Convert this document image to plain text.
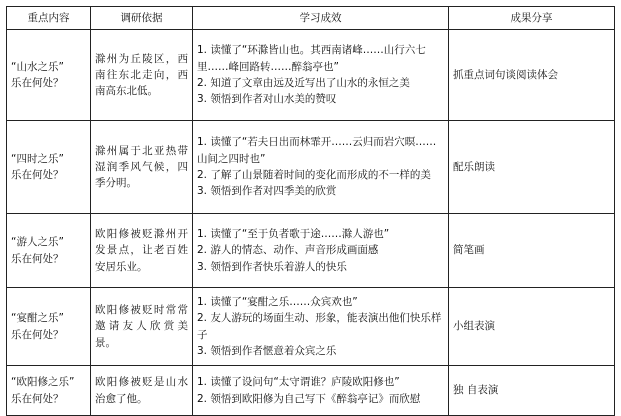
重点内容	调研依据	学习成效	成果分享

“山水之乐”
乐在何处？	滁州为丘陵区，西南往东北走向，西南高东北低。	1. 读懂了“环滁皆山也。其西南诸峰……山行六七里……峰回路转……醉翁亭也”
2. 知道了文章由远及近写出了山水的永恒之美
3. 领悟到作者对山水美的赞叹	抓重点词句谈阅读体会

“四时之乐”
乐在何处？	滁州属于北亚热带湿润季风气候，四季分明。	1. 读懂了“若夫日出而林霏开……云归而岩穴暝……山间之四时也”
2. 了解了山景随着时间的变化而形成的不一样的美
3. 领悟到作者对四季美的欣赏	配乐朗读

“游人之乐”
乐在何处？	欧阳修被贬滁州开发景点，让老百姓安居乐业。	1. 读懂了“至于负者歌于途……滁人游也”
2. 游人的情态、动作、声音形成画面感
3. 领悟到作者快乐着游人的快乐	简笔画

“宴酣之乐”
乐在何处？	欧阳修被贬时常常邀请友人欣赏美景。	1. 读懂了“宴酣之乐……众宾欢也”
2. 友人游玩的场面生动、形象，能表演出他们快乐样子
3. 领悟到作者惬意着众宾之乐	小组表演

“欧阳修之乐”
乐在何处？	欧阳修被贬是山水治愈了他。	1. 读懂了设问句“太守谓谁？庐陵欧阳修也”
2. 领悟到欧阳修为自己写下《醉翁亭记》而欣慰	独 自表演
